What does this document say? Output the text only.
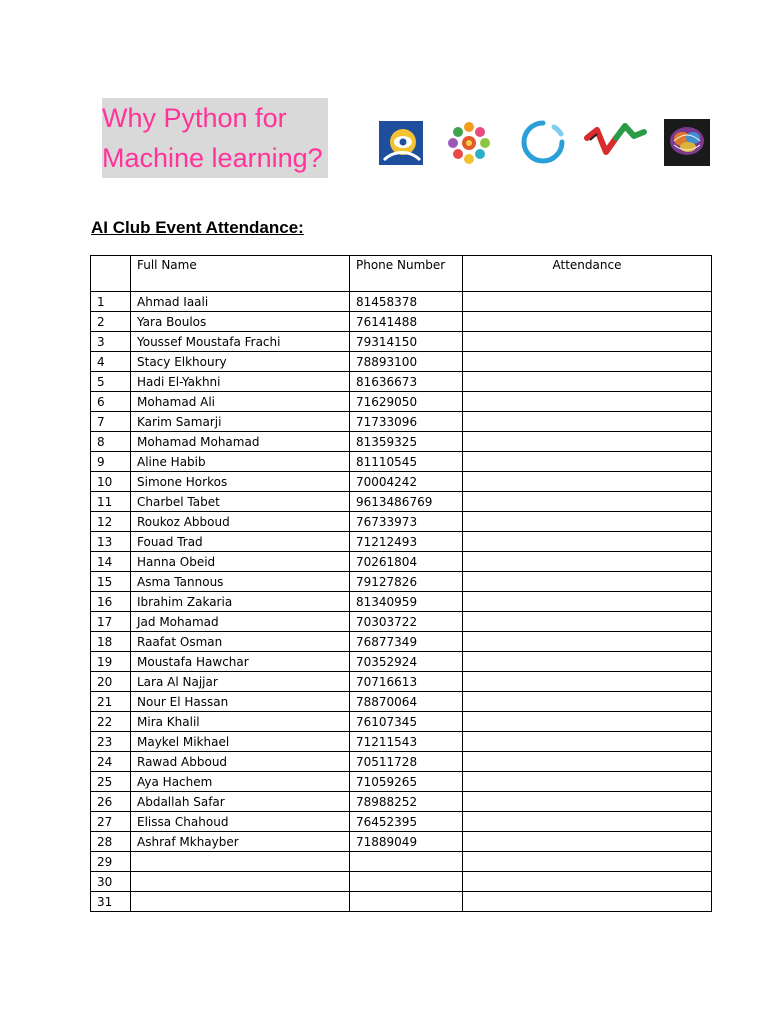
Why Python for
Machine learning?
AI Club Event Attendance:
	Full Name	Phone Number	Attendance
1	Ahmad Iaali	81458378	
2	Yara Boulos	76141488	
3	Youssef Moustafa Frachi	79314150	
4	Stacy Elkhoury	78893100	
5	Hadi El-Yakhni	81636673	
6	Mohamad Ali	71629050	
7	Karim Samarji	71733096	
8	Mohamad Mohamad	81359325	
9	Aline Habib	81110545	
10	Simone Horkos	70004242	
11	Charbel Tabet	9613486769	
12	Roukoz Abboud	76733973	
13	Fouad Trad	71212493	
14	Hanna Obeid	70261804	
15	Asma Tannous	79127826	
16	Ibrahim Zakaria	81340959	
17	Jad Mohamad	70303722	
18	Raafat Osman	76877349	
19	Moustafa Hawchar	70352924	
20	Lara Al Najjar	70716613	
21	Nour El Hassan	78870064	
22	Mira Khalil	76107345	
23	Maykel Mikhael	71211543	
24	Rawad Abboud	70511728	
25	Aya Hachem	71059265	
26	Abdallah Safar	78988252	
27	Elissa Chahoud	76452395	
28	Ashraf Mkhayber	71889049	
29			
30			
31			
